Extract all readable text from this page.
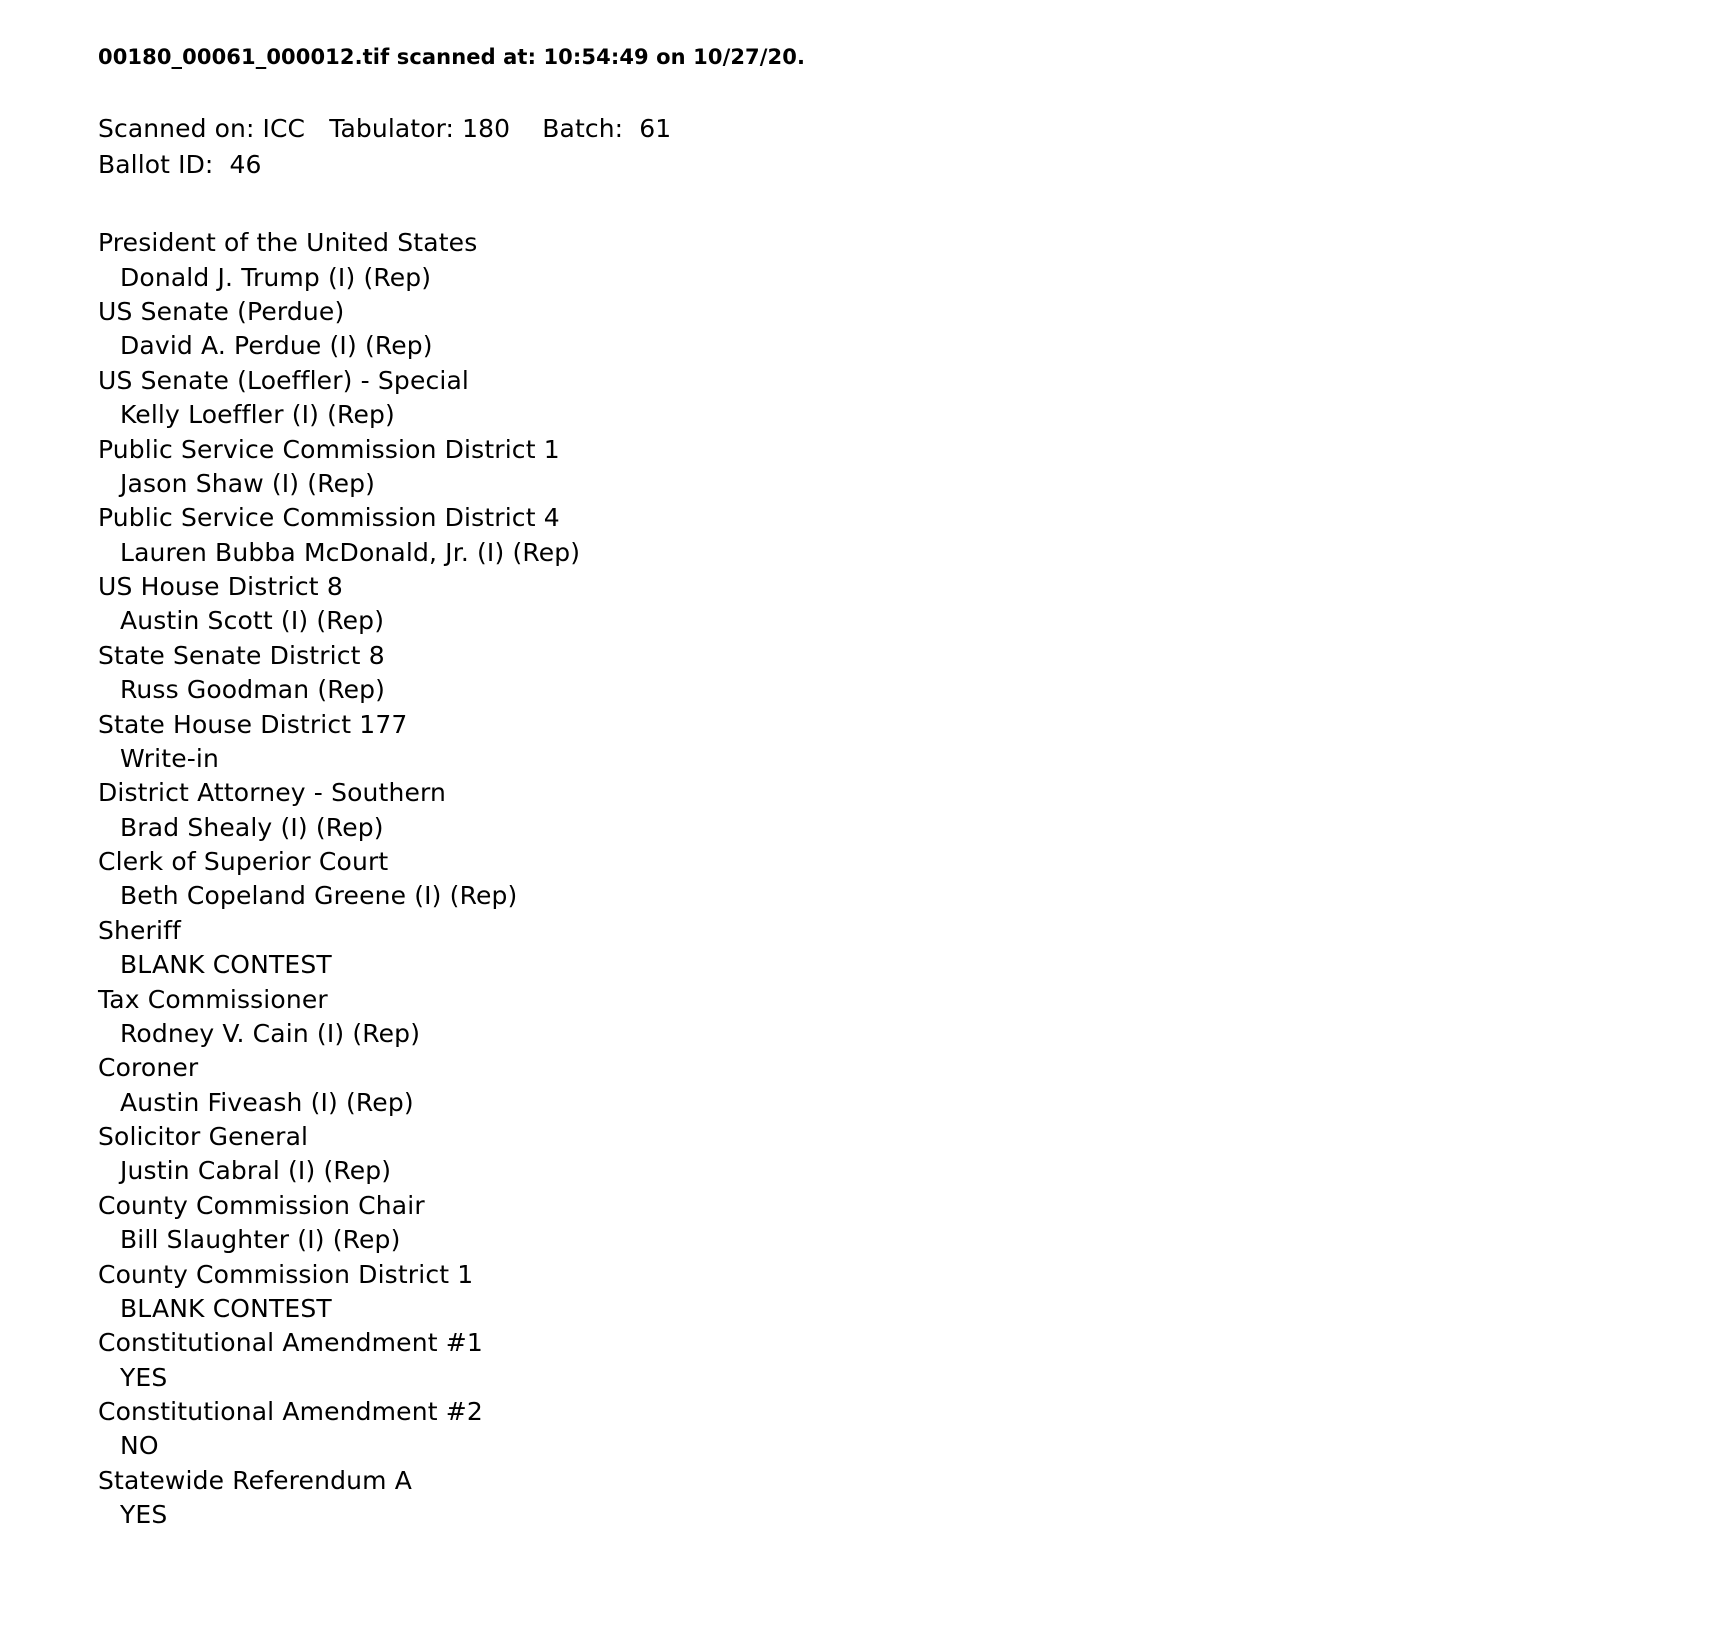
00180_00061_000012.tif scanned at: 10:54:49 on 10/27/20.
Scanned on: ICC   Tabulator: 180    Batch:  61
Ballot ID:  46
President of the United States
Donald J. Trump (I) (Rep)
US Senate (Perdue)
David A. Perdue (I) (Rep)
US Senate (Loeffler) - Special
Kelly Loeffler (I) (Rep)
Public Service Commission District 1
Jason Shaw (I) (Rep)
Public Service Commission District 4
Lauren Bubba McDonald, Jr. (I) (Rep)
US House District 8
Austin Scott (I) (Rep)
State Senate District 8
Russ Goodman (Rep)
State House District 177
Write-in
District Attorney - Southern
Brad Shealy (I) (Rep)
Clerk of Superior Court
Beth Copeland Greene (I) (Rep)
Sheriff
BLANK CONTEST
Tax Commissioner
Rodney V. Cain (I) (Rep)
Coroner
Austin Fiveash (I) (Rep)
Solicitor General
Justin Cabral (I) (Rep)
County Commission Chair
Bill Slaughter (I) (Rep)
County Commission District 1
BLANK CONTEST
Constitutional Amendment #1
YES
Constitutional Amendment #2
NO
Statewide Referendum A
YES
